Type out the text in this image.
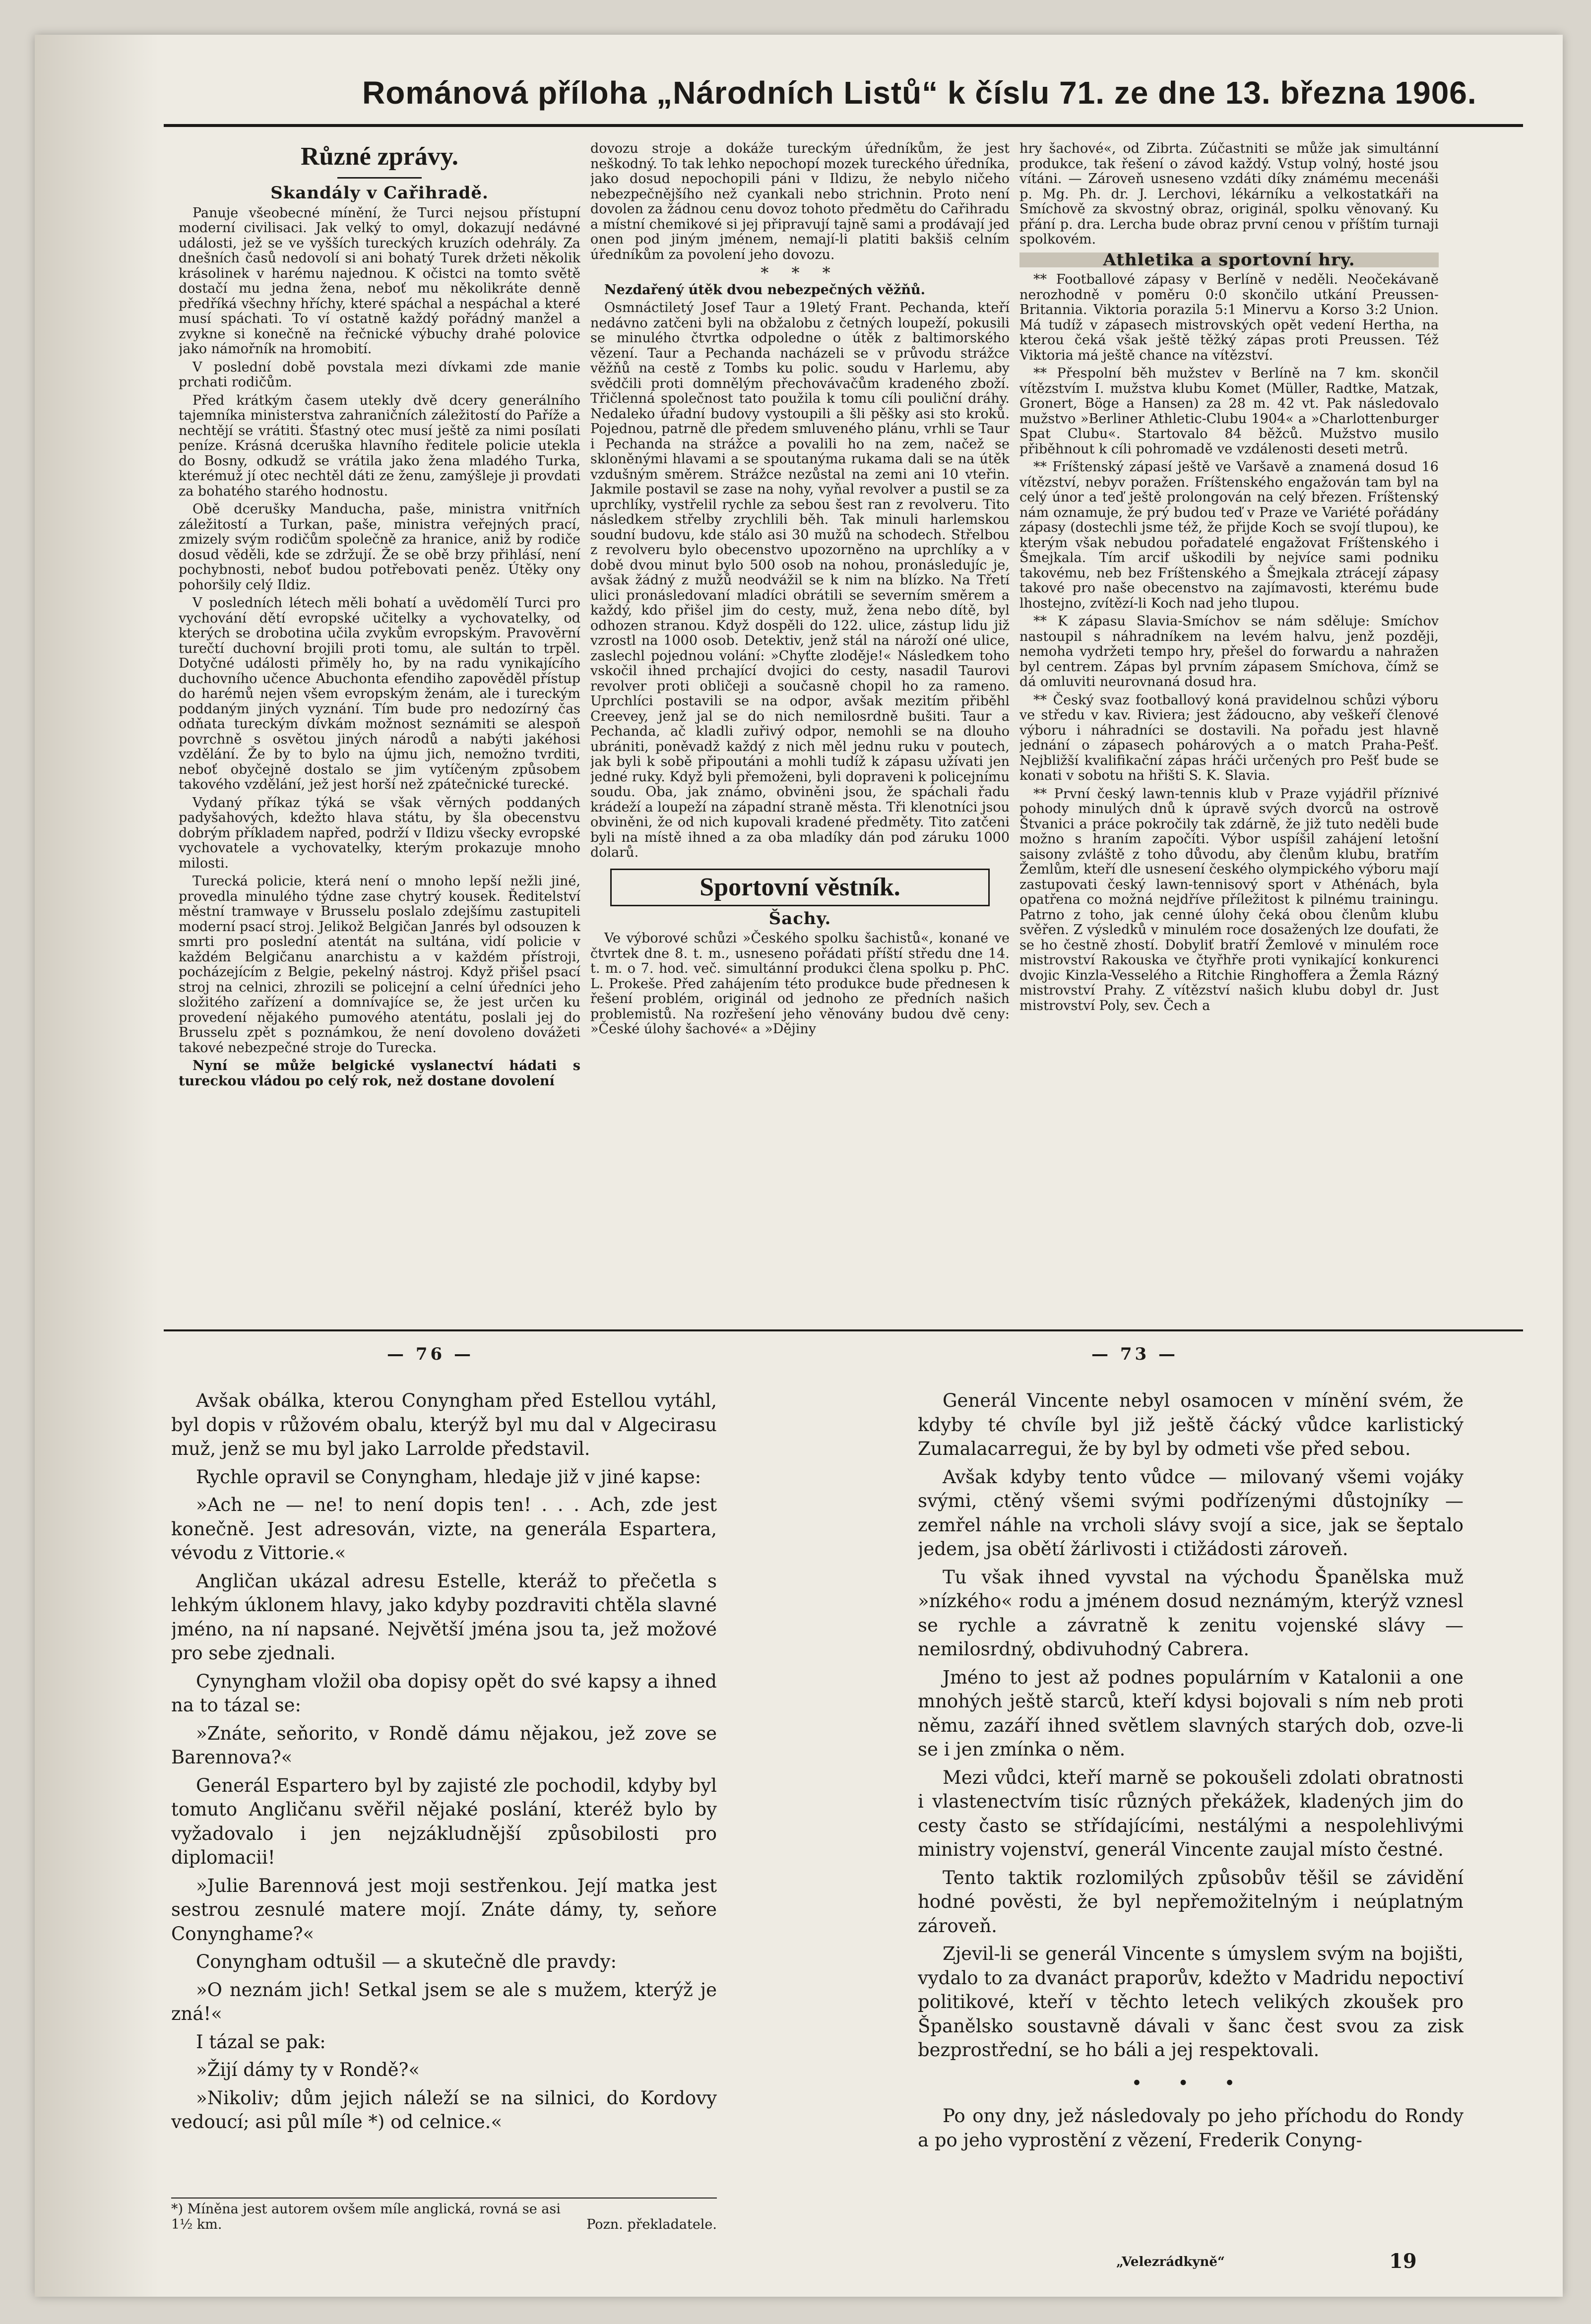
Románová příloha „Národních Listů“ k číslu 71. ze dne 13. března 1906.
Různé zprávy.
Skandály v Cařihradě.

Panuje všeobecné mínění, že Turci nejsou přístupní moderní civilisaci. Jak velký to omyl, dokazují nedávné události, jež se ve vyšších tureckých kruzích odehrály. Za dnešních časů nedovolí si ani bohatý Turek držeti několik krásolinek v harému najednou. K očistci na tomto světě dostačí mu jedna žena, neboť mu několikráte denně předříká všechny hříchy, které spáchal a nespáchal a které musí spáchati. To ví ostatně každý pořádný manžel a zvykne si konečně na řečnické výbuchy drahé polovice jako námořník na hromobití.

V poslední době povstala mezi dívkami zde manie prchati rodičům.

Před krátkým časem utekly dvě dcery generálního tajemníka ministerstva zahraničních záležitostí do Paříže a nechtějí se vrátiti. Šťastný otec musí ještě za nimi posílati peníze. Krásná dceruška hlavního ředitele policie utekla do Bosny, odkudž se vrátila jako žena mladého Turka, kterémuž jí otec nechtěl dáti ze ženu, zamýšleje ji provdati za bohatého starého hodnostu.

Obě dcerušky Manducha, paše, ministra vnitřních záležitostí a Turkan, paše, ministra veřejných prací, zmizely svým rodičům společně za hranice, aniž by rodiče dosud věděli, kde se zdržují. Že se obě brzy přihlásí, není pochybnosti, neboť budou potřebovati peněz. Útěky ony pohoršily celý Ildiz.

V posledních létech měli bohatí a uvědomělí Turci pro vychování dětí evropské učitelky a vychovatelky, od kterých se drobotina učila zvykům evropským. Pravověrní turečtí duchovní brojili proti tomu, ale sultán to trpěl. Dotyčné události přiměly ho, by na radu vynikajícího duchovního učence Abuchonta efendiho zapověděl přístup do harémů nejen všem evropským ženám, ale i tureckým poddaným jiných vyznání. Tím bude pro nedozírný čas odňata tureckým dívkám možnost seznámiti se alespoň povrchně s osvětou jiných národů a nabýti jakéhosi vzdělání. Že by to bylo na újmu jich, nemožno tvrditi, neboť obyčejně dostalo se jim vytíčeným způsobem takového vzdělání, jež jest horší než zpátečnické turecké.

Vydaný příkaz týká se však věrných poddaných padyšahových, kdežto hlava státu, by šla obecenstvu dobrým příkladem napřed, podrží v Ildizu všecky evropské vychovatele a vychovatelky, kterým prokazuje mnoho milosti.

Turecká policie, která není o mnoho lepší nežli jiné, provedla minulého týdne zase chytrý kousek. Ředitelství městní tramwaye v Brusselu poslalo zdejšímu zastupiteli moderní psací stroj. Jelikož Belgičan Janrés byl odsouzen k smrti pro poslední atentát na sultána, vidí policie v každém Belgičanu anarchistu a v každém přístroji, pocházejícím z Belgie, pekelný nástroj. Když přišel psací stroj na celnici, zhrozili se policejní a celní úředníci jeho složitého zařízení a domnívajíce se, že jest určen ku provedení nějakého pumového atentátu, poslali jej do Brusselu zpět s poznámkou, že není dovoleno dovážeti takové nebezpečné stroje do Turecka.

Nyní se může belgické vyslanectví hádati s tureckou vládou po celý rok, než dostane dovolení

dovozu stroje a dokáže tureckým úředníkům, že jest neškodný. To tak lehko nepochopí mozek tureckého úředníka, jako dosud nepochopili páni v Ildizu, že nebylo ničeho nebezpečnějšího než cyankali nebo strichnin. Proto není dovolen za žádnou cenu dovoz tohoto předmětu do Cařihradu a místní chemikové si jej připravují tajně sami a prodávají jed onen pod jiným jménem, nemají-li platiti bakšiš celním úředníkům za povolení jeho dovozu.

* * *

Nezdařený útěk dvou nebezpečných věžňů.

Osmnáctiletý Josef Taur a 19letý Frant. Pechanda, kteří nedávno zatčeni byli na obžalobu z četných loupeží, pokusili se minulého čtvrtka odpoledne o útěk z baltimorského vězení. Taur a Pechanda nacházeli se v průvodu strážce věžňů na cestě z Tombs ku polic. soudu v Harlemu, aby svědčili proti domnělým přechovávačům kradeného zboží. Třičlenná společnost tato použila k tomu cíli pouliční dráhy. Nedaleko úřadní budovy vystoupili a šli pěšky asi sto kroků. Pojednou, patrně dle předem smluveného plánu, vrhli se Taur i Pechanda na strážce a povalili ho na zem, načež se skloněnými hlavami a se spoutanýma rukama dali se na útěk vzdušným směrem. Strážce nezůstal na zemi ani 10 vteřin. Jakmile postavil se zase na nohy, vyňal revolver a pustil se za uprchlíky, vystřelil rychle za sebou šest ran z revolveru. Tito následkem střelby zrychlili běh. Tak minuli harlemskou soudní budovu, kde stálo asi 30 mužů na schodech. Střelbou z revolveru bylo obecenstvo upozorněno na uprchlíky a v době dvou minut bylo 500 osob na nohou, pronásledujíc je, avšak žádný z mužů neodvážil se k nim na blízko. Na Třetí ulici pronásledovaní mladíci obrátili se severním směrem a každý, kdo přišel jim do cesty, muž, žena nebo dítě, byl odhozen stranou. Když dospěli do 122. ulice, zástup lidu již vzrostl na 1000 osob. Detektiv, jenž stál na nároží oné ulice, zaslechl pojednou volání: »Chyťte zloděje!« Následkem toho vskočil ihned prchající dvojici do cesty, nasadil Taurovi revolver proti obličeji a současně chopil ho za rameno. Uprchlíci postavili se na odpor, avšak mezitím přiběhl Creevey, jenž jal se do nich nemilosrdně bušiti. Taur a Pechanda, ač kladli zuřivý odpor, nemohli se na dlouho ubrániti, poněvadž každý z nich měl jednu ruku v poutech, jak byli k sobě připoutáni a mohli tudíž k zápasu užívati jen jedné ruky. Když byli přemoženi, byli dopraveni k policejnímu soudu. Oba, jak známo, obviněni jsou, že spáchali řadu krádeží a loupeží na západní straně města. Tři klenotníci jsou obviněni, že od nich kupovali kradené předměty. Tito zatčeni byli na místě ihned a za oba mladíky dán pod záruku 1000 dolarů.

Sportovní věstník.
Šachy.

Ve výborové schůzi »Českého spolku šachistů«, konané ve čtvrtek dne 8. t. m., usneseno pořádati příští středu dne 14. t. m. o 7. hod. več. simultánní produkci člena spolku p. PhC. L. Prokeše. Před zahájením této produkce bude přednesen k řešení problém, originál od jednoho ze předních našich problemistů. Na rozřešení jeho věnovány budou dvě ceny: »České úlohy šachové« a »Dějiny

hry šachové«, od Zibrta. Zúčastniti se může jak simultánní produkce, tak řešení o závod každý. Vstup volný, hosté jsou vítáni. — Zároveň usneseno vzdáti díky známému mecenáši p. Mg. Ph. dr. J. Lerchovi, lékárníku a velkostatkáři na Smíchově za skvostný obraz, originál, spolku věnovaný. Ku přání p. dra. Lercha bude obraz první cenou v příštím turnaji spolkovém.

Athletika a sportovní hry.

** Footballové zápasy v Berlíně v neděli. Neočekávaně nerozhodně v poměru 0:0 skončilo utkání Preussen-Britannia. Viktoria porazila 5:1 Minervu a Korso 3:2 Union. Má tudíž v zápasech mistrovských opět vedení Hertha, na kterou čeká však ještě těžký zápas proti Preussen. Též Viktoria má ještě chance na vítězství.

** Přespolní běh mužstev v Berlíně na 7 km. skončil vítězstvím I. mužstva klubu Komet (Müller, Radtke, Matzak, Gronert, Böge a Hansen) za 28 m. 42 vt. Pak následovalo mužstvo »Berliner Athletic-Clubu 1904« a »Charlottenburger Spat Clubu«. Startovalo 84 běžců. Mužstvo musilo přiběhnout k cíli pohromadě ve vzdálenosti deseti metrů.

** Fríštenský zápasí ještě ve Varšavě a znamená dosud 16 vítězství, nebyv poražen. Fríštenského engažován tam byl na celý únor a teď ještě prolongován na celý březen. Fríštenský nám oznamuje, že prý budou teď v Praze ve Variété pořádány zápasy (dostechli jsme též, že přijde Koch se svojí tlupou), ke kterým však nebudou pořadatelé engažovat Fríštenského i Šmejkala. Tím arcif uškodili by nejvíce sami podniku takovému, neb bez Fríštenského a Šmejkala ztrácejí zápasy takové pro naše obecenstvo na zajímavosti, kterému bude lhostejno, zvítězí-li Koch nad jeho tlupou.

** K zápasu Slavia-Smíchov se nám sděluje: Smíchov nastoupil s náhradníkem na levém halvu, jenž později, nemoha vydržeti tempo hry, přešel do forwardu a nahražen byl centrem. Zápas byl prvním zápasem Smíchova, čímž se dá omluviti neurovnaná dosud hra.

** Český svaz footballový koná pravidelnou schůzi výboru ve středu v kav. Riviera; jest žádoucno, aby veškeří členové výboru i náhradníci se dostavili. Na pořadu jest hlavně jednání o zápasech pohárových a o match Praha-Pešť. Nejbližší kvalifikační zápas hráči určených pro Pešť bude se konati v sobotu na hřišti S. K. Slavia.

** První český lawn-tennis klub v Praze vyjádřil příznivé pohody minulých dnů k úpravě svých dvorců na ostrově Štvanici a práce pokročily tak zdárně, že již tuto neděli bude možno s hraním započíti. Výbor uspíšil zahájení letošní saisony zvláště z toho důvodu, aby členům klubu, bratřím Žemlům, kteří dle usnesení českého olympického výboru mají zastupovati český lawn-tennisový sport v Athénách, byla opatřena co možná nejdříve příležitost k pilnému trainingu. Patrno z toho, jak cenné úlohy čeká obou členům klubu svěřen. Z výsledků v minulém roce dosažených lze doufati, že se ho čestně zhostí. Dobyliť bratří Žemlové v minulém roce mistrovství Rakouska ve čtyřhře proti vynikající konkurenci dvojic Kinzla-Vesselého a Ritchie Ringhoffera a Žemla Rázný mistrovství Prahy. Z vítězství našich klubu dobyl dr. Just mistrovství Poly, sev. Čech a

— 76 —	— 73 —

Avšak obálka, kterou Conyngham před Estellou vytáhl, byl dopis v růžovém obalu, kterýž byl mu dal v Algecirasu muž, jenž se mu byl jako Larrolde představil.

Rychle opravil se Conyngham, hledaje již v jiné kapse:

»Ach ne — ne! to není dopis ten! . . . Ach, zde jest konečně. Jest adresován, vizte, na generála Espartera, vévodu z Vittorie.«

Angličan ukázal adresu Estelle, kteráž to přečetla s lehkým úklonem hlavy, jako kdyby pozdraviti chtěla slavné jméno, na ní napsané. Největší jména jsou ta, jež možové pro sebe zjednali.

Cynyngham vložil oba dopisy opět do své kapsy a ihned na to tázal se:

»Znáte, seňorito, v Rondě dámu nějakou, jež zove se Barennova?«

Generál Espartero byl by zajisté zle pochodil, kdyby byl tomuto Angličanu svěřil nějaké poslání, kteréž bylo by vyžadovalo i jen nejzákludnější způsobilosti pro diplomacii!

»Julie Barennová jest moji sestřenkou. Její matka jest sestrou zesnulé matere mojí. Znáte dámy, ty, seňore Conynghame?«

Conyngham odtušil — a skutečně dle pravdy:

»O neznám jich! Setkal jsem se ale s mužem, kterýž je zná!«

I tázal se pak:

»Žijí dámy ty v Rondě?«

»Nikoliv; dům jejich náleží se na silnici, do Kordovy vedoucí; asi půl míle *) od celnice.«

*) Míněna jest autorem ovšem míle anglická, rovná se asi
1½ km.	Pozn. překladatele.

Generál Vincente nebyl osamocen v mínění svém, že kdyby té chvíle byl již ještě čácký vůdce karlistický Zumalacarregui, že by byl by odmeti vše před sebou.

Avšak kdyby tento vůdce — milovaný všemi vojáky svými, ctěný všemi svými podřízenými důstojníky — zemřel náhle na vrcholi slávy svojí a sice, jak se šeptalo jedem, jsa obětí žárlivosti i ctižádosti zároveň.

Tu však ihned vyvstal na východu Španělska muž »nízkého« rodu a jménem dosud neznámým, kterýž vznesl se rychle a závratně k zenitu vojenské slávy — nemilosrdný, obdivuhodný Cabrera.

Jméno to jest až podnes populárním v Katalonii a one mnohých ještě starců, kteří kdysi bojovali s ním neb proti němu, zazáří ihned světlem slavných starých dob, ozve-li se i jen zmínka o něm.

Mezi vůdci, kteří marně se pokoušeli zdolati obratnosti i vlastenectvím tisíc různých překážek, kladených jim do cesty často se střídajícími, nestálými a nespolehlivými ministry vojenství, generál Vincente zaujal místo čestné.

Tento taktik rozlomilých způsobův těšil se závidění hodné pověsti, že byl nepřemožitelným i neúplatným zároveň.

Zjevil-li se generál Vincente s úmyslem svým na bojišti, vydalo to za dvanáct praporův, kdežto v Madridu nepoctiví politikové, kteří v těchto letech velikých zkoušek pro Španělsko soustavně dávali v šanc čest svou za zisk bezprostřední, se ho báli a jej respektovali.

• • •

Po ony dny, jež následovaly po jeho příchodu do Rondy a po jeho vyprostění z vězení, Frederik Conyng-

„Velezrádkyně“	19
